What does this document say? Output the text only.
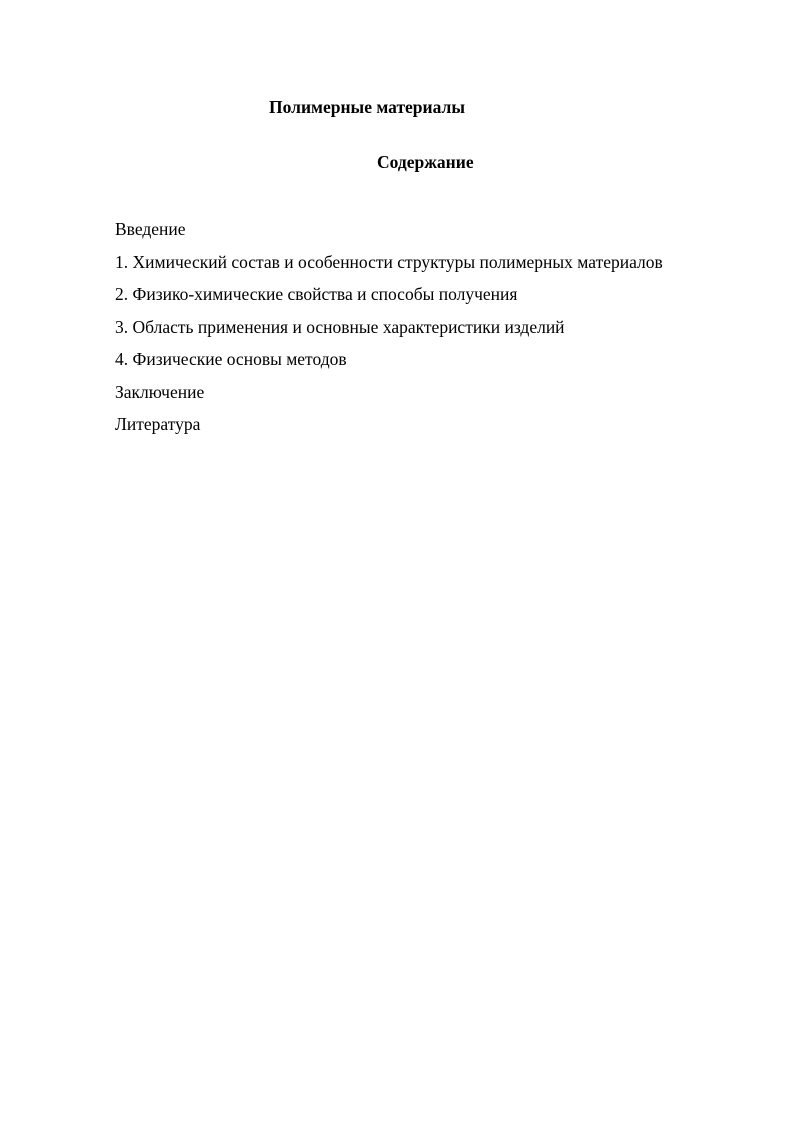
Полимерные материалы
Содержание
Введение
1. Химический состав и особенности структуры полимерных материалов
2. Физико-химические свойства и способы получения
3. Область применения и основные характеристики изделий
4. Физические основы методов
Заключение
Литература
